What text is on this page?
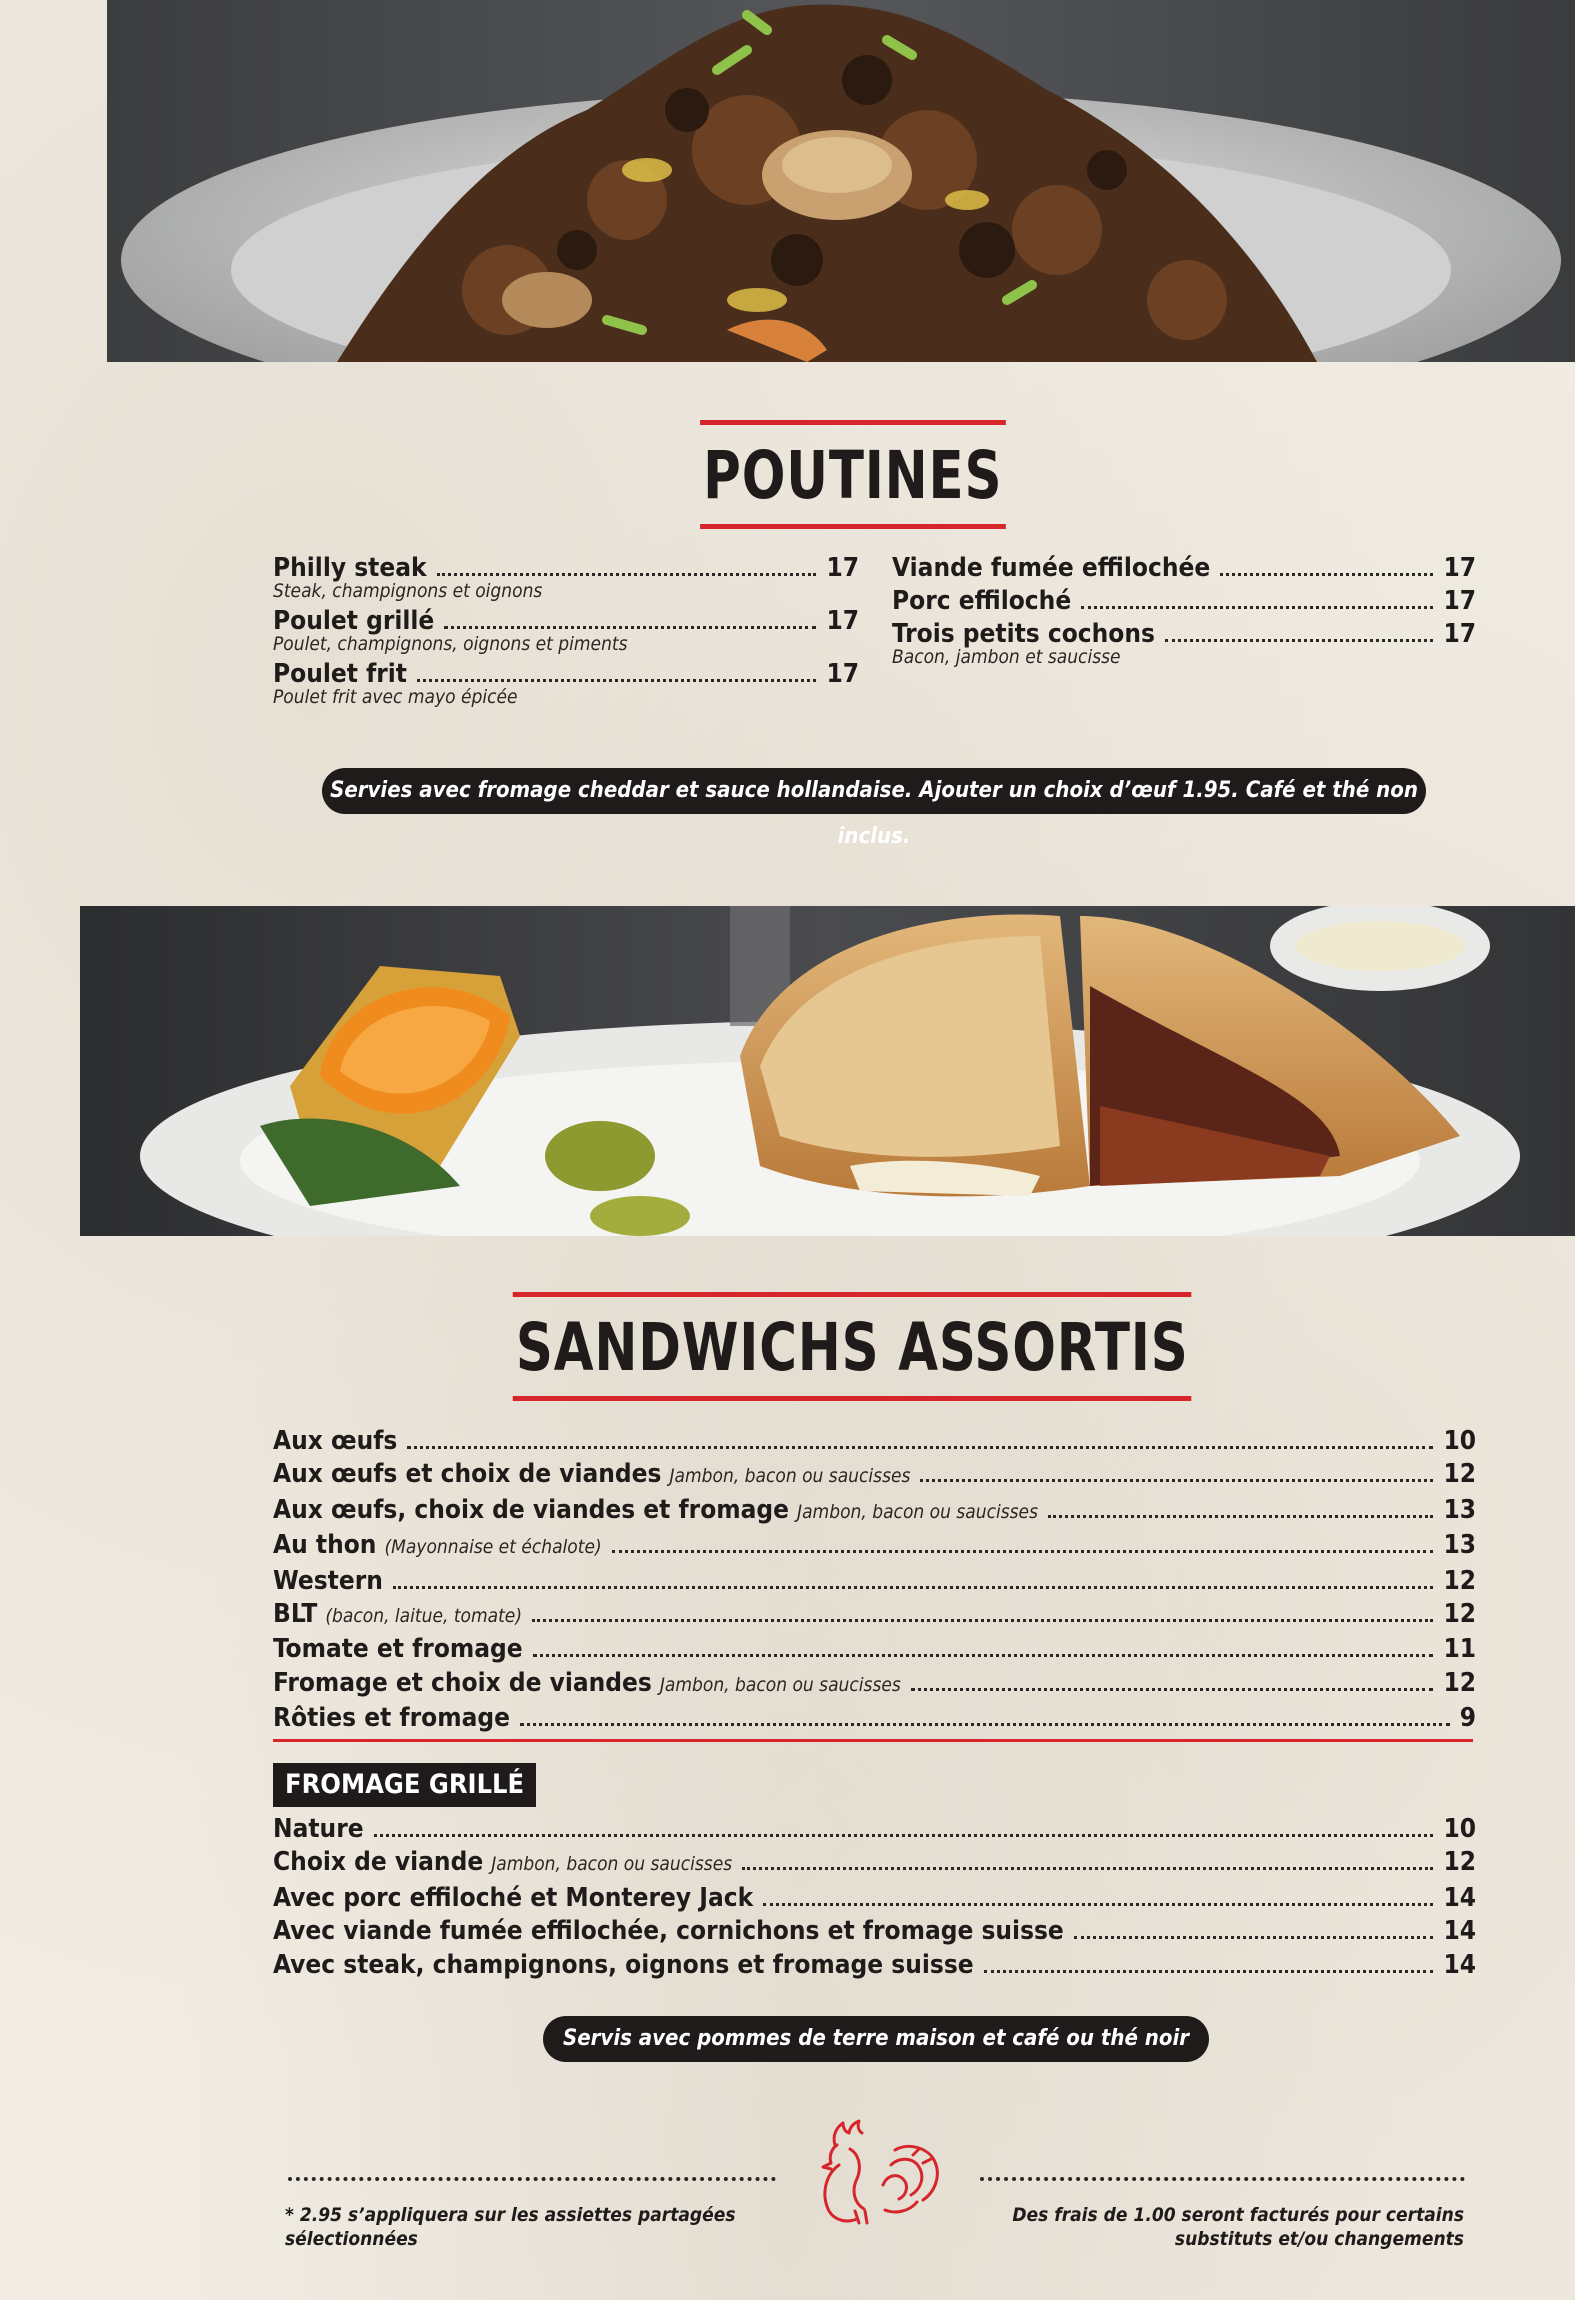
POUTINES
Philly steak	17
Steak, champignons et oignons
Poulet grillé	17
Poulet, champignons, oignons et piments
Poulet frit	17
Poulet frit avec mayo épicée
Viande fumée effilochée	17
Porc effiloché	17
Trois petits cochons	17
Bacon, jambon et saucisse
Servies avec fromage cheddar et sauce hollandaise. Ajouter un choix d’œuf 1.95. Café et thé non inclus.
SANDWICHS ASSORTIS
Aux œufs	10
Aux œufs et choix de viandes Jambon, bacon ou saucisses	12
Aux œufs, choix de viandes et fromage Jambon, bacon ou saucisses	13
Au thon (Mayonnaise et échalote)	13
Western	12
BLT (bacon, laitue, tomate)	12
Tomate et fromage	11
Fromage et choix de viandes Jambon, bacon ou saucisses	12
Rôties et fromage	9
FROMAGE GRILLÉ
Nature	10
Choix de viande Jambon, bacon ou saucisses	12
Avec porc effiloché et Monterey Jack	14
Avec viande fumée effilochée, cornichons et fromage suisse	14
Avec steak, champignons, oignons et fromage suisse	14
Servis avec pommes de terre maison et café ou thé noir
* 2.95 s’appliquera sur les assiettes partagées sélectionnées
Des frais de 1.00 seront facturés pour certains substituts et/ou changements
